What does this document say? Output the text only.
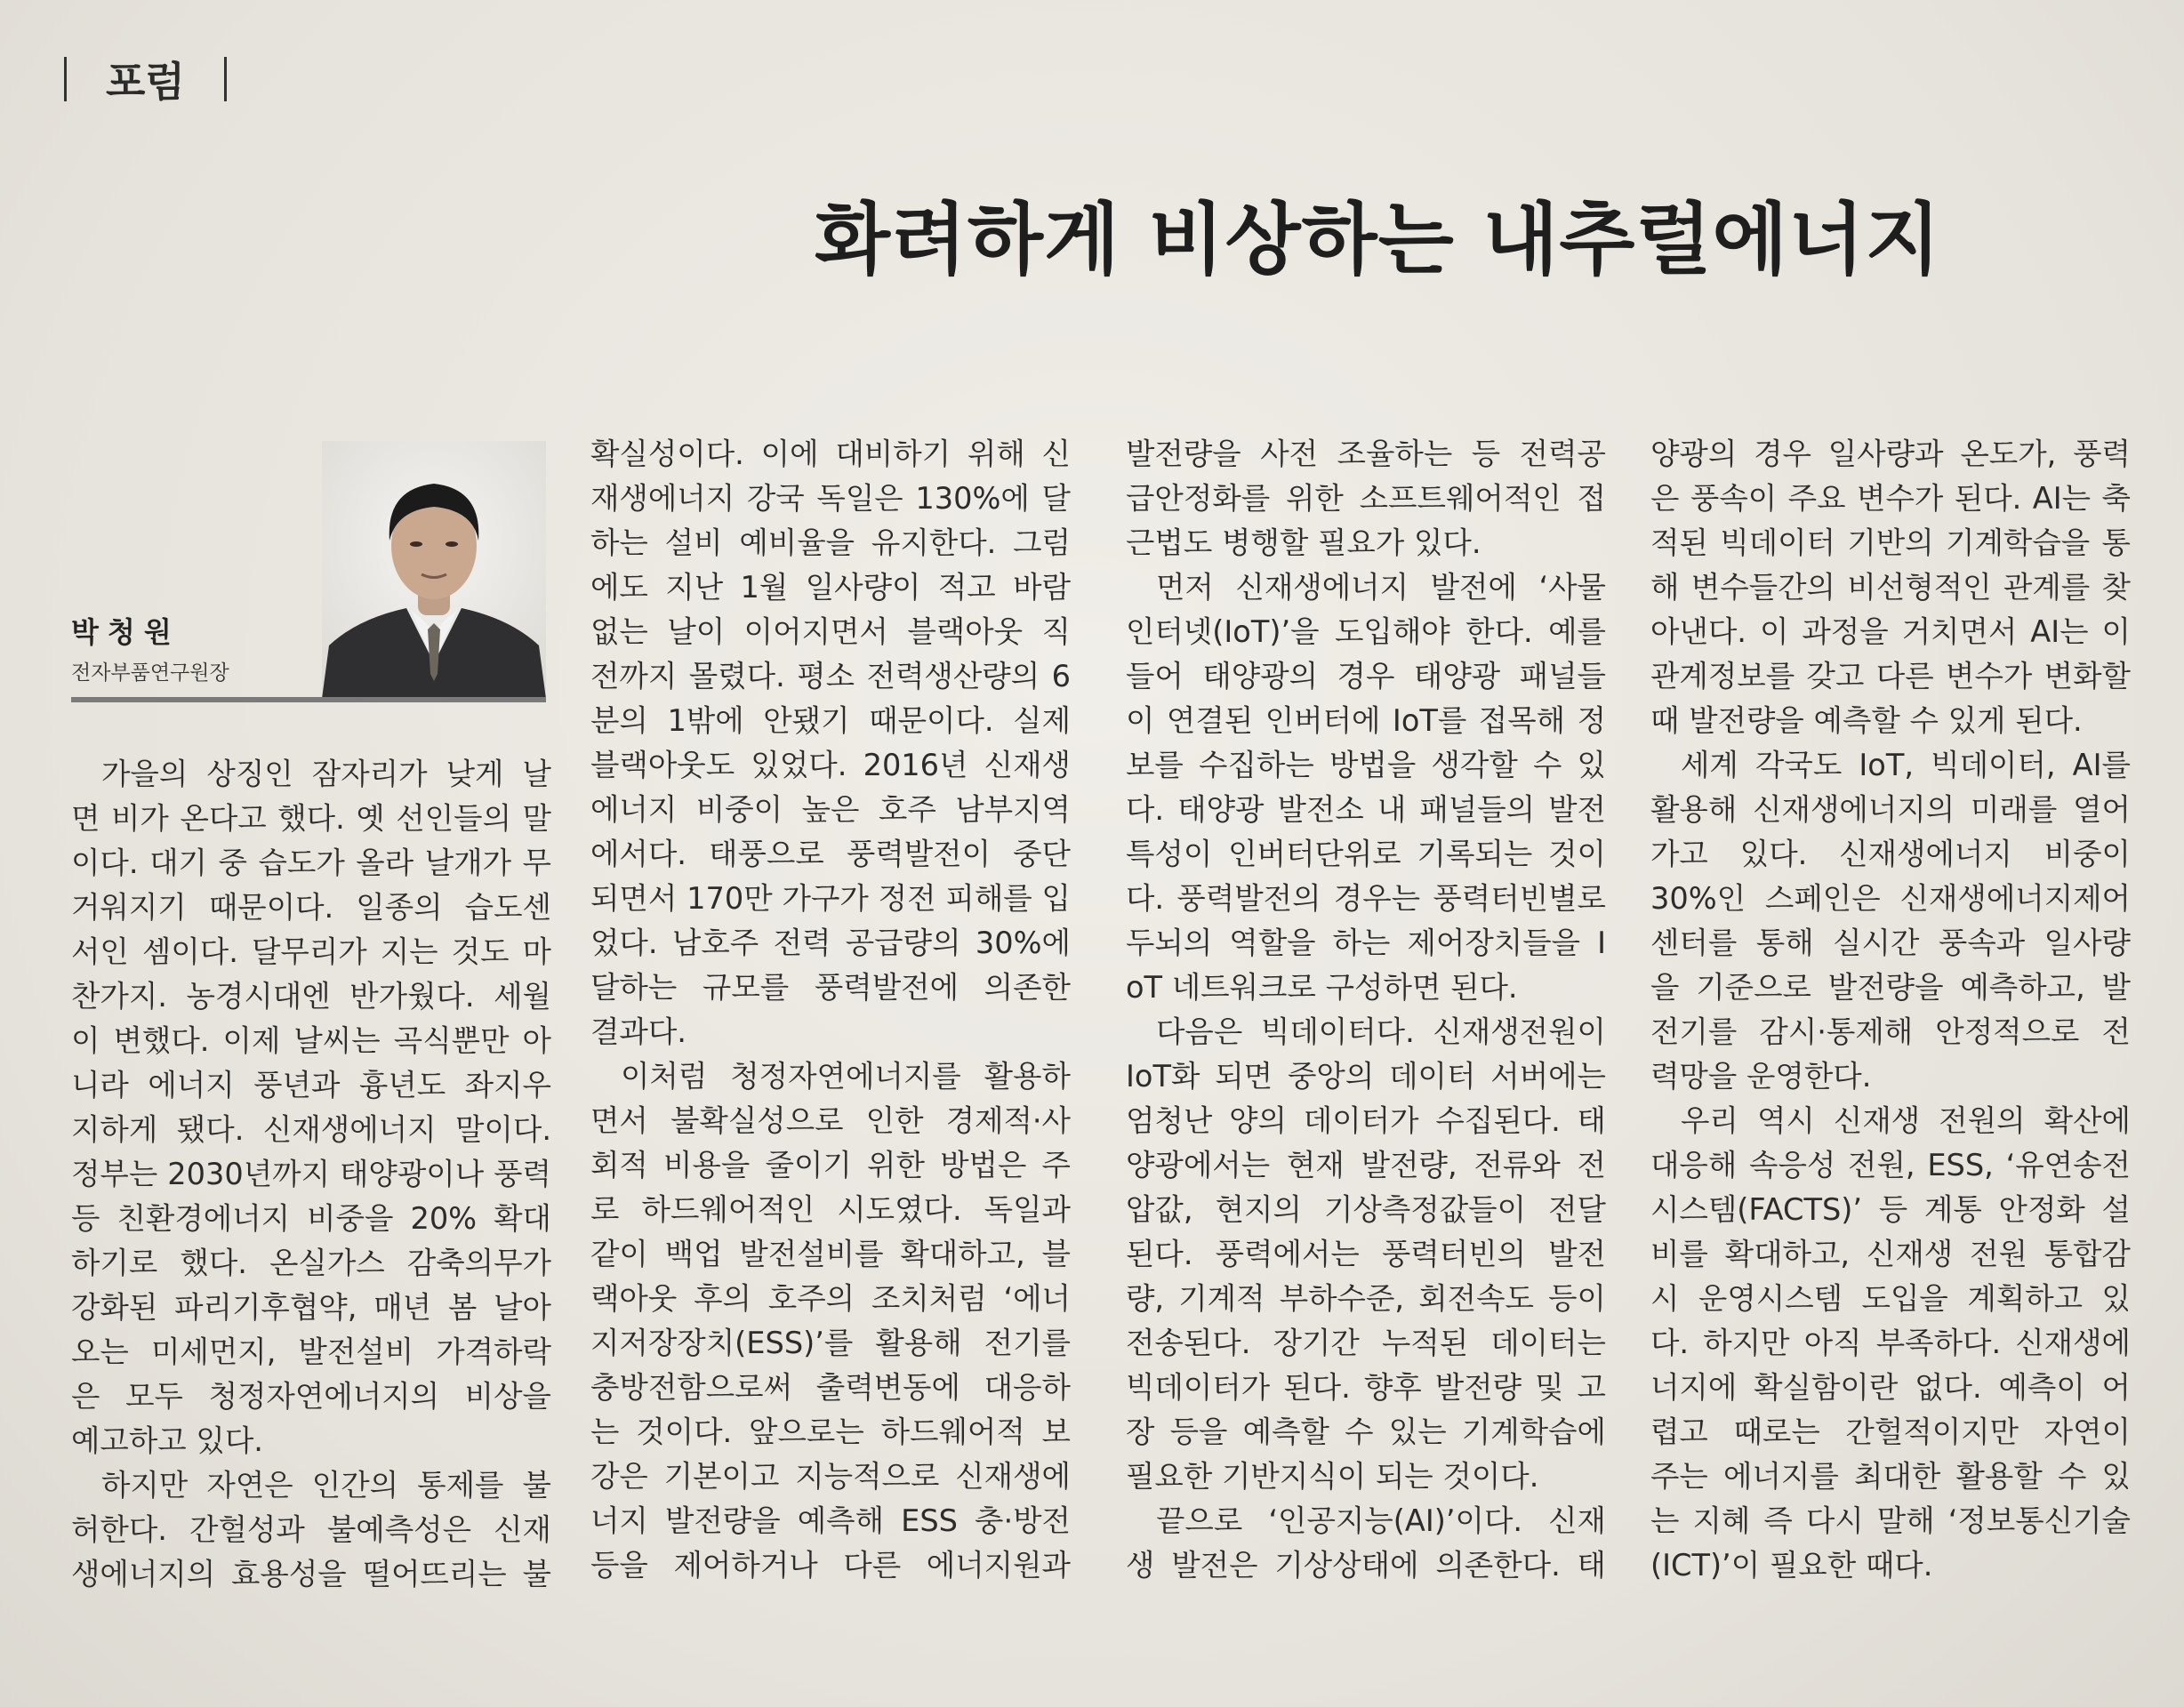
포럼
화려하게 비상하는 내추럴에너지
박청원
전자부품연구원장
가을의 상징인 잠자리가 낮게 날
면 비가 온다고 했다. 옛 선인들의 말
이다. 대기 중 습도가 올라 날개가 무
거워지기 때문이다. 일종의 습도센
서인 셈이다. 달무리가 지는 것도 마
찬가지. 농경시대엔 반가웠다. 세월
이 변했다. 이제 날씨는 곡식뿐만 아
니라 에너지 풍년과 흉년도 좌지우
지하게 됐다. 신재생에너지 말이다.
정부는 2030년까지 태양광이나 풍력
등 친환경에너지 비중을 20% 확대
하기로 했다. 온실가스 감축의무가
강화된 파리기후협약, 매년 봄 날아
오는 미세먼지, 발전설비 가격하락
은 모두 청정자연에너지의 비상을
예고하고 있다.
하지만 자연은 인간의 통제를 불
허한다. 간헐성과 불예측성은 신재
생에너지의 효용성을 떨어뜨리는 불
확실성이다. 이에 대비하기 위해 신
재생에너지 강국 독일은 130%에 달
하는 설비 예비율을 유지한다. 그럼
에도 지난 1월 일사량이 적고 바람
없는 날이 이어지면서 블랙아웃 직
전까지 몰렸다. 평소 전력생산량의 6
분의 1밖에 안됐기 때문이다. 실제
블랙아웃도 있었다. 2016년 신재생
에너지 비중이 높은 호주 남부지역
에서다. 태풍으로 풍력발전이 중단
되면서 170만 가구가 정전 피해를 입
었다. 남호주 전력 공급량의 30%에
달하는 규모를 풍력발전에 의존한
결과다.
이처럼 청정자연에너지를 활용하
면서 불확실성으로 인한 경제적·사
회적 비용을 줄이기 위한 방법은 주
로 하드웨어적인 시도였다. 독일과
같이 백업 발전설비를 확대하고, 블
랙아웃 후의 호주의 조치처럼 ‘에너
지저장장치(ESS)’를 활용해 전기를
충방전함으로써 출력변동에 대응하
는 것이다. 앞으로는 하드웨어적 보
강은 기본이고 지능적으로 신재생에
너지 발전량을 예측해 ESS 충·방전
등을 제어하거나 다른 에너지원과
발전량을 사전 조율하는 등 전력공
급안정화를 위한 소프트웨어적인 접
근법도 병행할 필요가 있다.
먼저 신재생에너지 발전에 ‘사물
인터넷(IoT)’을 도입해야 한다. 예를
들어 태양광의 경우 태양광 패널들
이 연결된 인버터에 IoT를 접목해 정
보를 수집하는 방법을 생각할 수 있
다. 태양광 발전소 내 패널들의 발전
특성이 인버터단위로 기록되는 것이
다. 풍력발전의 경우는 풍력터빈별로
두뇌의 역할을 하는 제어장치들을 I
oT 네트워크로 구성하면 된다.
다음은 빅데이터다. 신재생전원이
IoT화 되면 중앙의 데이터 서버에는
엄청난 양의 데이터가 수집된다. 태
양광에서는 현재 발전량, 전류와 전
압값, 현지의 기상측정값들이 전달
된다. 풍력에서는 풍력터빈의 발전
량, 기계적 부하수준, 회전속도 등이
전송된다. 장기간 누적된 데이터는
빅데이터가 된다. 향후 발전량 및 고
장 등을 예측할 수 있는 기계학습에
필요한 기반지식이 되는 것이다.
끝으로 ‘인공지능(AI)’이다. 신재
생 발전은 기상상태에 의존한다. 태
양광의 경우 일사량과 온도가, 풍력
은 풍속이 주요 변수가 된다. AI는 축
적된 빅데이터 기반의 기계학습을 통
해 변수들간의 비선형적인 관계를 찾
아낸다. 이 과정을 거치면서 AI는 이
관계정보를 갖고 다른 변수가 변화할
때 발전량을 예측할 수 있게 된다.
세계 각국도 IoT, 빅데이터, AI를
활용해 신재생에너지의 미래를 열어
가고 있다. 신재생에너지 비중이
30%인 스페인은 신재생에너지제어
센터를 통해 실시간 풍속과 일사량
을 기준으로 발전량을 예측하고, 발
전기를 감시·통제해 안정적으로 전
력망을 운영한다.
우리 역시 신재생 전원의 확산에
대응해 속응성 전원, ESS, ‘유연송전
시스템(FACTS)’ 등 계통 안정화 설
비를 확대하고, 신재생 전원 통합감
시 운영시스템 도입을 계획하고 있
다. 하지만 아직 부족하다. 신재생에
너지에 확실함이란 없다. 예측이 어
렵고 때로는 간헐적이지만 자연이
주는 에너지를 최대한 활용할 수 있
는 지혜 즉 다시 말해 ‘정보통신기술
(ICT)’이 필요한 때다.
